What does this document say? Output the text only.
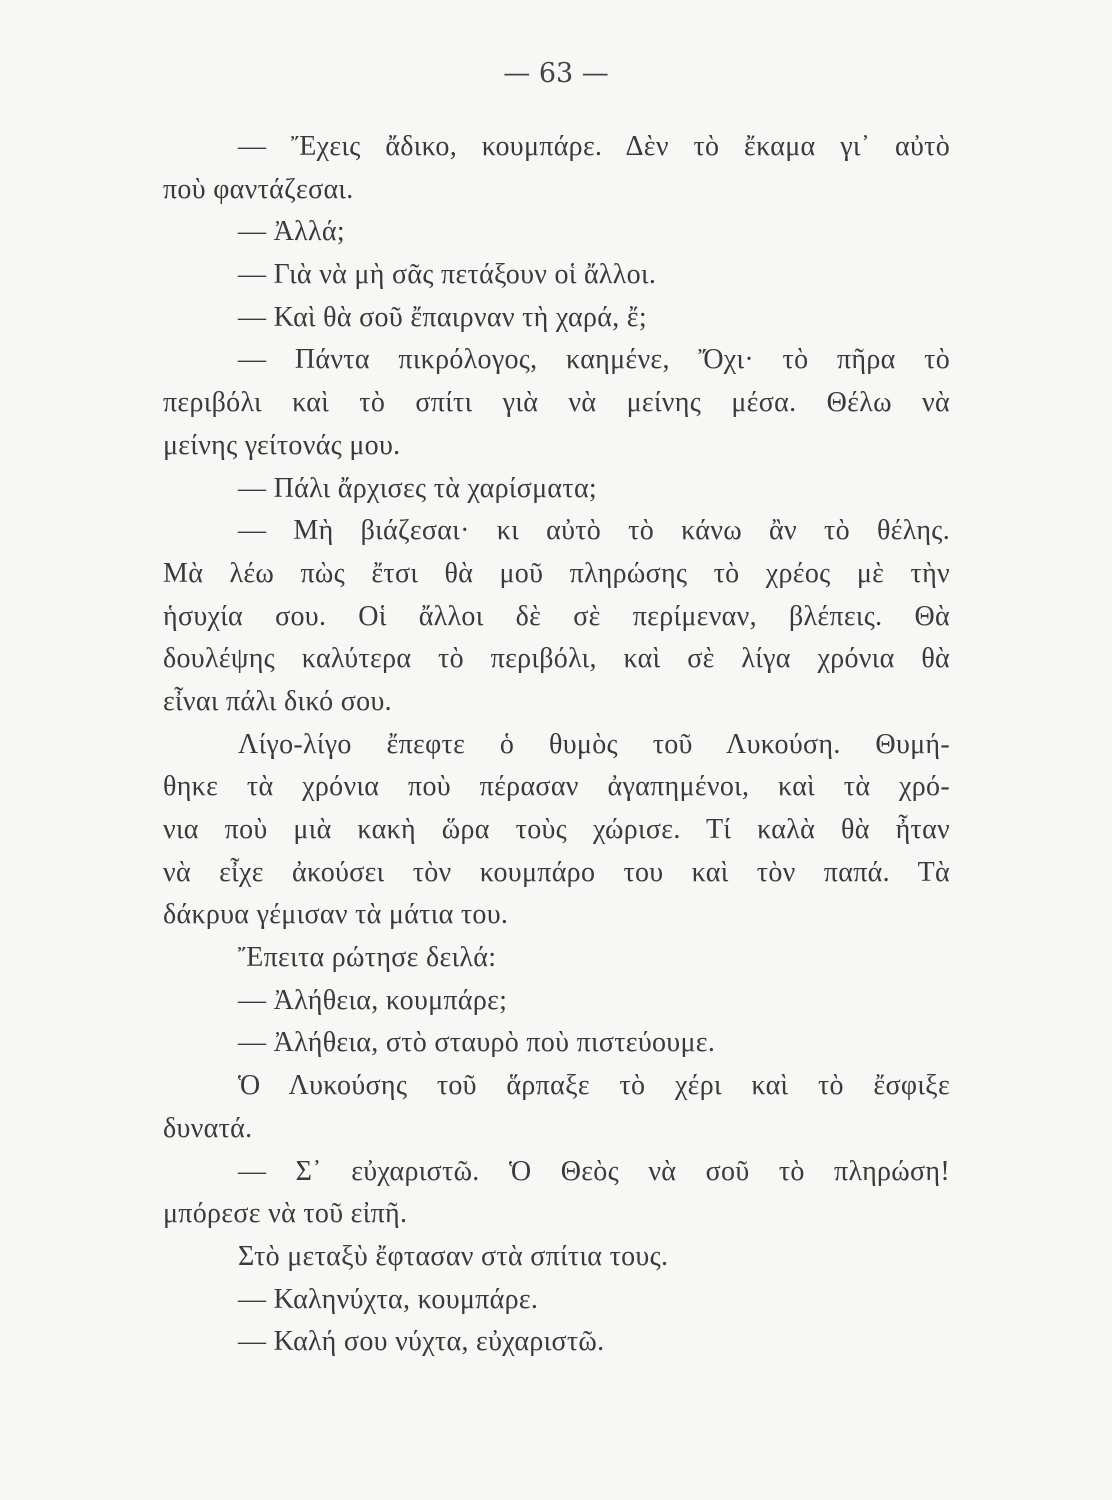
— 63 —
— Ἔχεις ἄδικο, κουμπάρε. Δὲν τὸ ἔκαμα γι᾽ αὐτὸ
ποὺ φαντάζεσαι.
— Ἀλλά;
— Γιὰ νὰ μὴ σᾶς πετάξουν οἱ ἄλλοι.
— Καὶ θὰ σοῦ ἔπαιρναν τὴ χαρά, ἔ;
— Πάντα πικρόλογος, καημένε, Ὄχι· τὸ πῆρα τὸ
περιβόλι καὶ τὸ σπίτι γιὰ νὰ μείνης μέσα. Θέλω νὰ
μείνης γείτονάς μου.
— Πάλι ἄρχισες τὰ χαρίσματα;
— Μὴ βιάζεσαι· κι αὐτὸ τὸ κάνω ἂν τὸ θέλης.
Μὰ λέω πὼς ἔτσι θὰ μοῦ πληρώσης τὸ χρέος μὲ τὴν
ἡσυχία σου. Οἱ ἄλλοι δὲ σὲ περίμεναν, βλέπεις. Θὰ
δουλέψης καλύτερα τὸ περιβόλι, καὶ σὲ λίγα χρόνια θὰ
εἶναι πάλι δικό σου.
Λίγο-λίγο ἔπεφτε ὁ θυμὸς τοῦ Λυκούση. Θυμή-
θηκε τὰ χρόνια ποὺ πέρασαν ἀγαπημένοι, καὶ τὰ χρό-
νια ποὺ μιὰ κακὴ ὥρα τοὺς χώρισε. Τί καλὰ θὰ ἦταν
νὰ εἶχε ἀκούσει τὸν κουμπάρο του καὶ τὸν παπά. Τὰ
δάκρυα γέμισαν τὰ μάτια του.
Ἔπειτα ρώτησε δειλά:
— Ἀλήθεια, κουμπάρε;
— Ἀλήθεια, στὸ σταυρὸ ποὺ πιστεύουμε.
Ὁ Λυκούσης τοῦ ἅρπαξε τὸ χέρι καὶ τὸ ἔσφιξε
δυνατά.
— Σ᾽ εὐχαριστῶ. Ὁ Θεὸς νὰ σοῦ τὸ πληρώση!
μπόρεσε νὰ τοῦ εἰπῆ.
Στὸ μεταξὺ ἔφτασαν στὰ σπίτια τους.
— Καληνύχτα, κουμπάρε.
— Καλή σου νύχτα, εὐχαριστῶ.
